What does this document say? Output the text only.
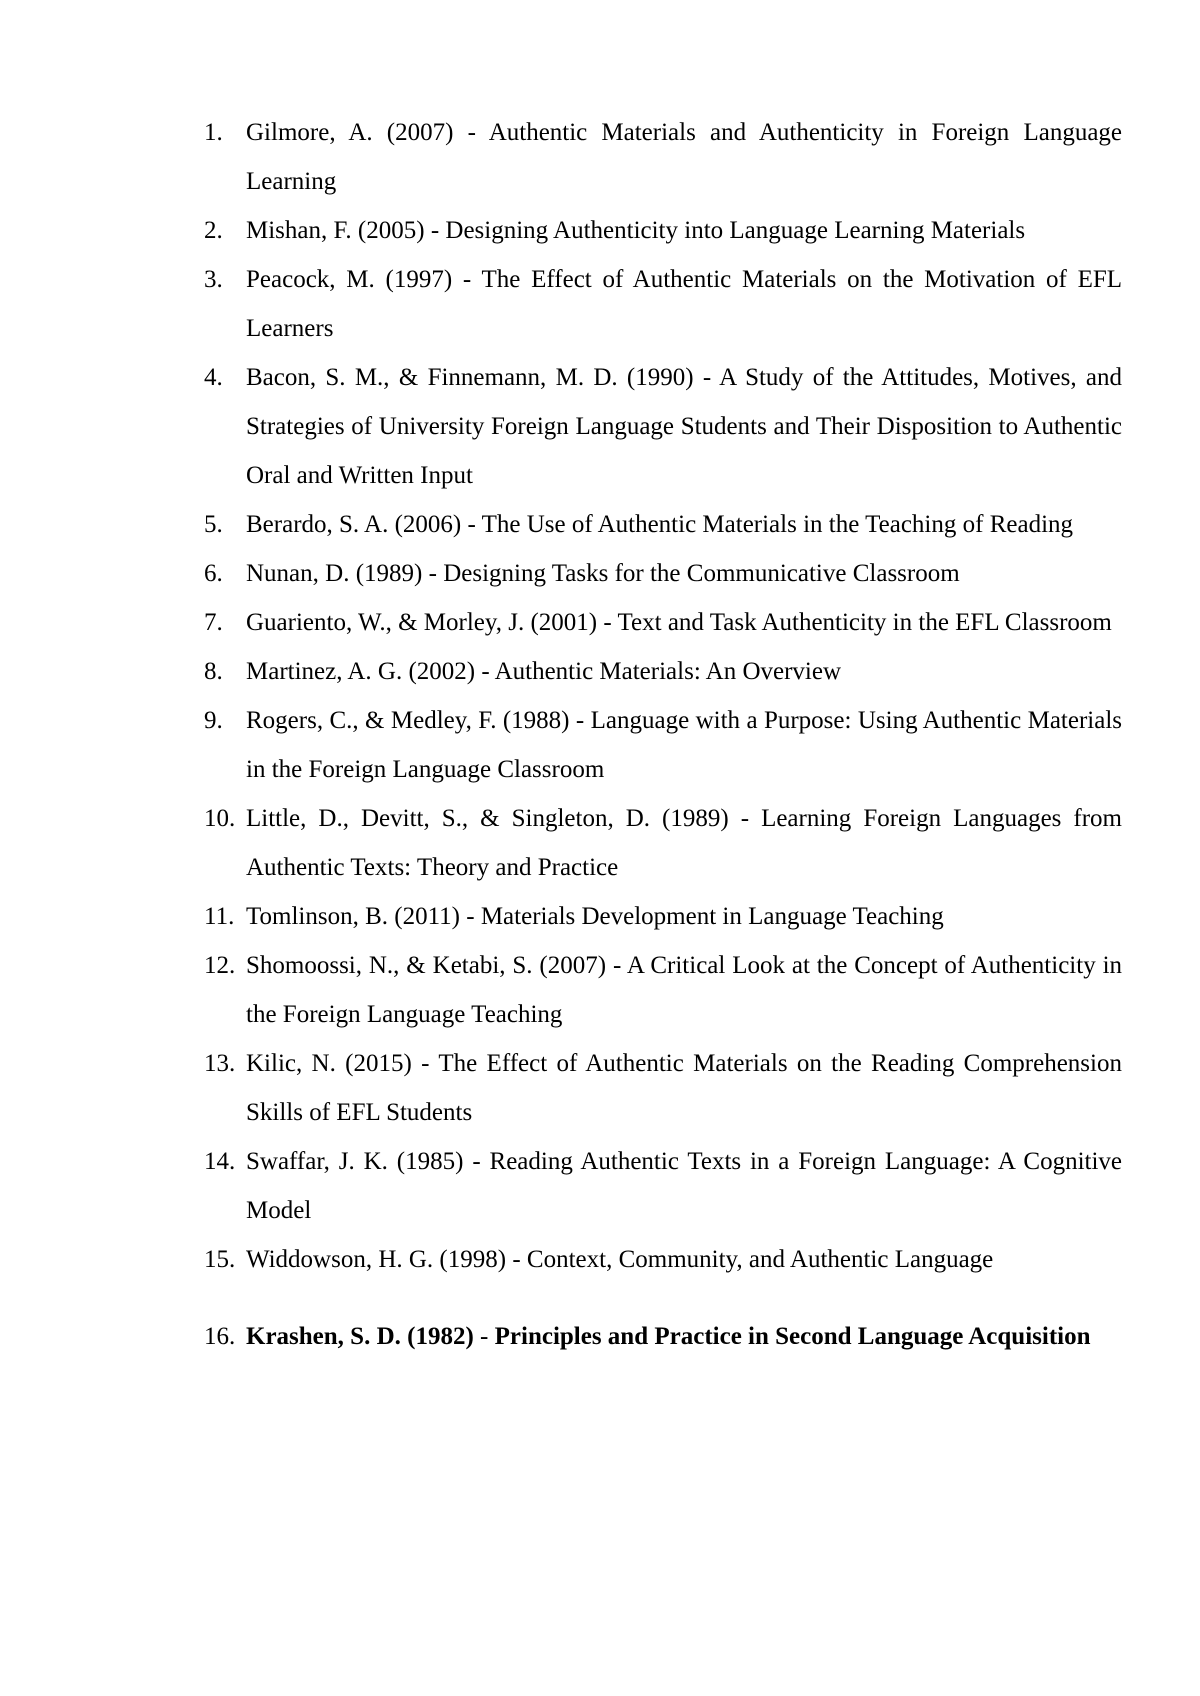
1. Gilmore, A. (2007) - Authentic Materials and Authenticity in Foreign Language Learning
2. Mishan, F. (2005) - Designing Authenticity into Language Learning Materials
3. Peacock, M. (1997) - The Effect of Authentic Materials on the Motivation of EFL Learners
4. Bacon, S. M., & Finnemann, M. D. (1990) - A Study of the Attitudes, Motives, and Strategies of University Foreign Language Students and Their Disposition to Authentic Oral and Written Input
5. Berardo, S. A. (2006) - The Use of Authentic Materials in the Teaching of Reading
6. Nunan, D. (1989) - Designing Tasks for the Communicative Classroom
7. Guariento, W., & Morley, J. (2001) - Text and Task Authenticity in the EFL Classroom
8. Martinez, A. G. (2002) - Authentic Materials: An Overview
9. Rogers, C., & Medley, F. (1988) - Language with a Purpose: Using Authentic Materials in the Foreign Language Classroom
10. Little, D., Devitt, S., & Singleton, D. (1989) - Learning Foreign Languages from Authentic Texts: Theory and Practice
11. Tomlinson, B. (2011) - Materials Development in Language Teaching
12. Shomoossi, N., & Ketabi, S. (2007) - A Critical Look at the Concept of Authenticity in the Foreign Language Teaching
13. Kilic, N. (2015) - The Effect of Authentic Materials on the Reading Comprehension Skills of EFL Students
14. Swaffar, J. K. (1985) - Reading Authentic Texts in a Foreign Language: A Cognitive Model
15. Widdowson, H. G. (1998) - Context, Community, and Authentic Language
16. Krashen, S. D. (1982) - Principles and Practice in Second Language Acquisition
